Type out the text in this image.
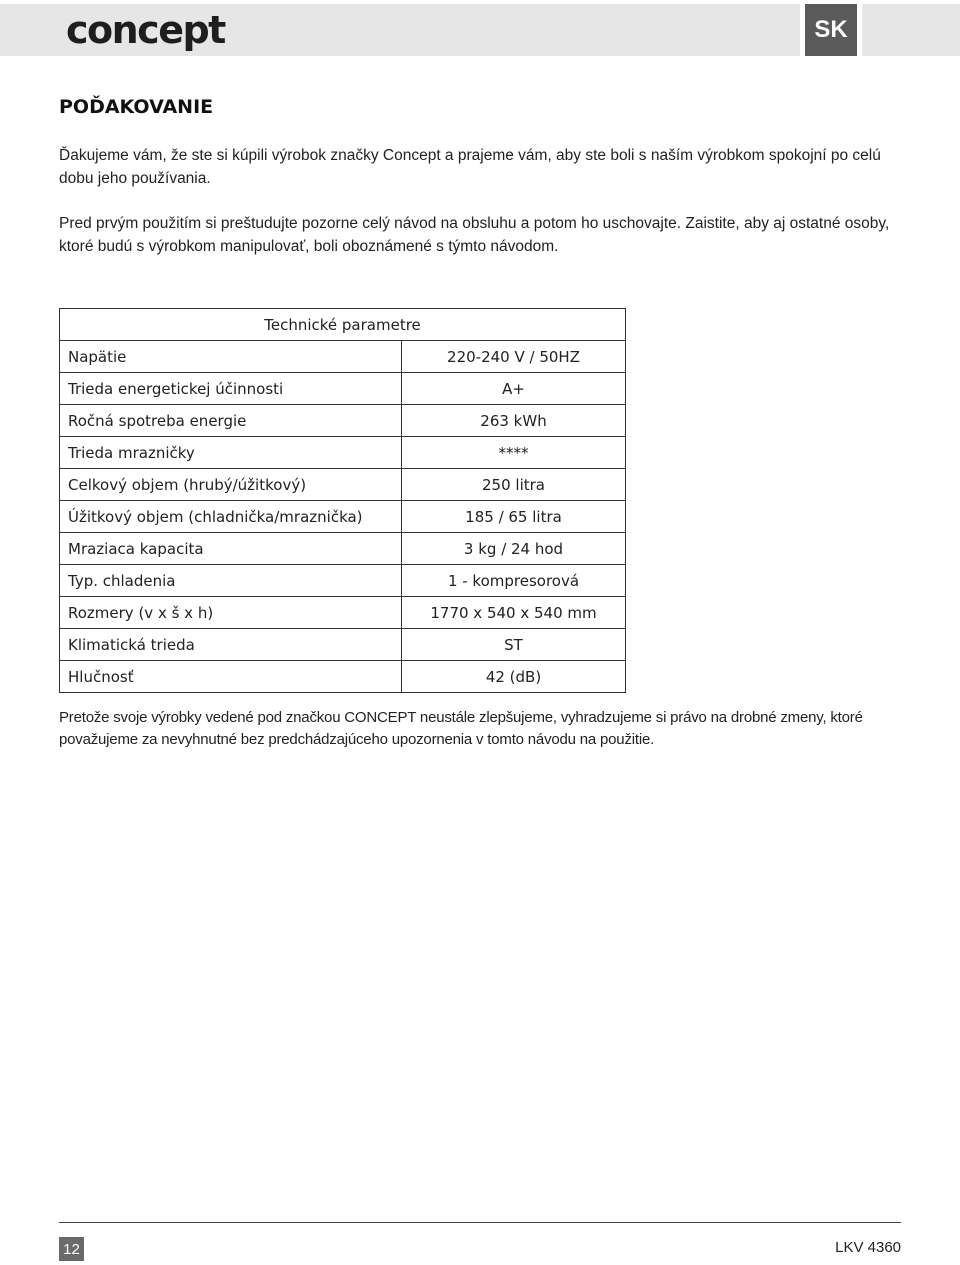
concept	SK
POĎAKOVANIE

Ďakujeme vám, že ste si kúpili výrobok značky Concept a prajeme vám, aby ste boli s naším výrobkom spokojní po celú dobu jeho používania.

Pred prvým použitím si preštudujte pozorne celý návod na obsluhu a potom ho uschovajte. Zaistite, aby aj ostatné osoby, ktoré budú s výrobkom manipulovať, boli oboznámené s týmto návodom.

Technické parametre	
Napätie	220-240 V / 50HZ
Trieda energetickej účinnosti	A+
Ročná spotreba energie	263 kWh
Trieda mrazničky	****
Celkový objem (hrubý/úžitkový)	250 litra
Úžitkový objem (chladnička/mraznička)	185 / 65 litra
Mraziaca kapacita	3 kg / 24 hod
Typ. chladenia	1 - kompresorová
Rozmery (v x š x h)	1770 x 540 x 540 mm
Klimatická trieda	ST
Hlučnosť	42 (dB)

Pretože svoje výrobky vedené pod značkou CONCEPT neustále zlepšujeme, vyhradzujeme si právo na drobné zmeny, ktoré považujeme za nevyhnutné bez predchádzajúceho upozornenia v tomto návodu na použitie.

12	LKV 4360
